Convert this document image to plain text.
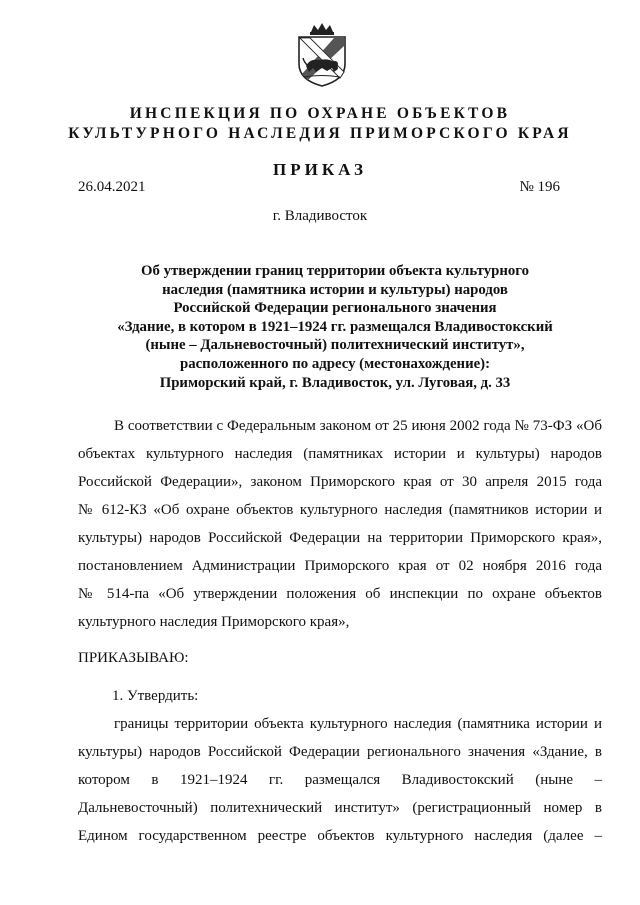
ИНСПЕКЦИЯ ПО ОХРАНЕ ОБЪЕКТОВ
КУЛЬТУРНОГО НАСЛЕДИЯ ПРИМОРСКОГО КРАЯ
ПРИКАЗ
26.04.2021	№ 196
г. Владивосток
Об утверждении границ территории объекта культурного
наследия (памятника истории и культуры) народов
Российской Федерации регионального значения
«Здание, в котором в 1921–1924 гг. размещался Владивостокский
(ныне – Дальневосточный) политехнический институт»,
расположенного по адресу (местонахождение):
Приморский край, г. Владивосток, ул. Луговая, д. 33
В соответствии с Федеральным законом от 25 июня 2002 года № 73-ФЗ «Об
объектах культурного наследия (памятниках истории и культуры) народов
Российской Федерации», законом Приморского края от 30 апреля 2015 года
№ 612-КЗ «Об охране объектов культурного наследия (памятников истории и
культуры) народов Российской Федерации на территории Приморского края»,
постановлением Администрации Приморского края от 02 ноября 2016 года
№ 514-па «Об утверждении положения об инспекции по охране объектов
культурного наследия Приморского края»,
ПРИКАЗЫВАЮ:
1. Утвердить:
границы территории объекта культурного наследия (памятника истории и
культуры) народов Российской Федерации регионального значения «Здание, в
котором в 1921–1924 гг. размещался Владивостокский (ныне –
Дальневосточный) политехнический институт» (регистрационный номер в
Едином государственном реестре объектов культурного наследия (далее –
